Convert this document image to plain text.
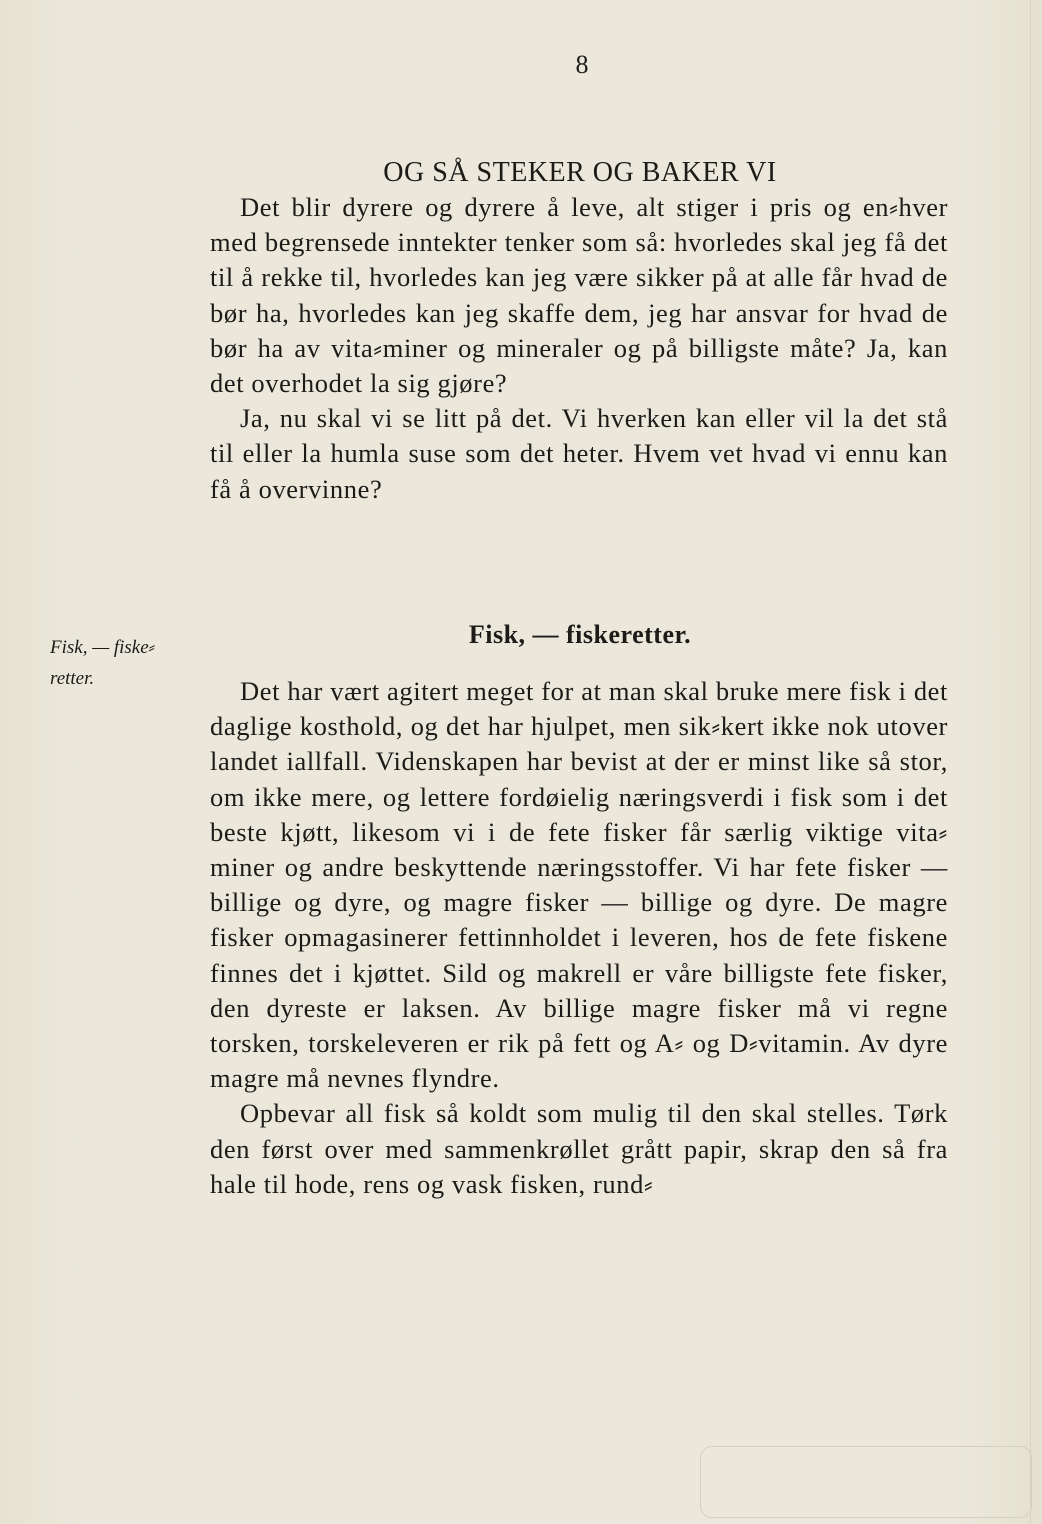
8
OG SÅ STEKER OG BAKER VI

Det blir dyrere og dyrere å leve, alt stiger i pris og en⸗hver med begrensede inntekter tenker som så: hvorledes skal jeg få det til å rekke til, hvorledes kan jeg være sikker på at alle får hvad de bør ha, hvorledes kan jeg skaffe dem, jeg har ansvar for hvad de bør ha av vita⸗miner og mineraler og på billigste måte? Ja, kan det overhodet la sig gjøre?

Ja, nu skal vi se litt på det. Vi hverken kan eller vil la det stå til eller la humla suse som det heter. Hvem vet hvad vi ennu kan få å overvinne?

Fisk, — fiske⸗
retter.
Fisk, — fiskeretter.

Det har vært agitert meget for at man skal bruke mere fisk i det daglige kosthold, og det har hjulpet, men sik⸗kert ikke nok utover landet iallfall. Videnskapen har bevist at der er minst like så stor, om ikke mere, og lettere fordøielig næringsverdi i fisk som i det beste kjøtt, likesom vi i de fete fisker får særlig viktige vita⸗miner og andre beskyttende næringsstoffer. Vi har fete fisker — billige og dyre, og magre fisker — billige og dyre. De magre fisker opmagasinerer fettinnholdet i leveren, hos de fete fiskene finnes det i kjøttet. Sild og makrell er våre billigste fete fisker, den dyreste er laksen. Av billige magre fisker må vi regne torsken, torskeleveren er rik på fett og A⸗ og D⸗vitamin. Av dyre magre må nevnes flyndre.

Opbevar all fisk så koldt som mulig til den skal stelles. Tørk den først over med sammenkrøllet grått papir, skrap den så fra hale til hode, rens og vask fisken, rund⸗
